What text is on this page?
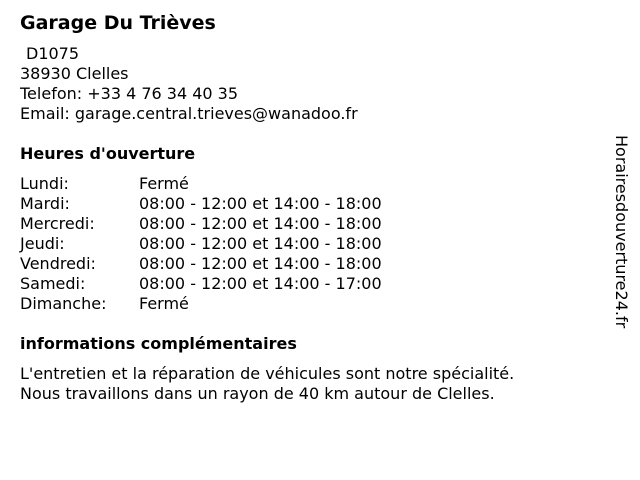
Garage Du Trièves
D1075
38930 Clelles
Telefon: +33 4 76 34 40 35
Email: garage.central.trieves@wanadoo.fr
Heures d'ouverture
Lundi:	Fermé
Mardi:	08:00 - 12:00 et 14:00 - 18:00
Mercredi:	08:00 - 12:00 et 14:00 - 18:00
Jeudi:	08:00 - 12:00 et 14:00 - 18:00
Vendredi:	08:00 - 12:00 et 14:00 - 18:00
Samedi:	08:00 - 12:00 et 14:00 - 17:00
Dimanche:	Fermé
informations complémentaires
L'entretien et la réparation de véhicules sont notre spécialité.
Nous travaillons dans un rayon de 40 km autour de Clelles.
Horairesdouverture24.fr
